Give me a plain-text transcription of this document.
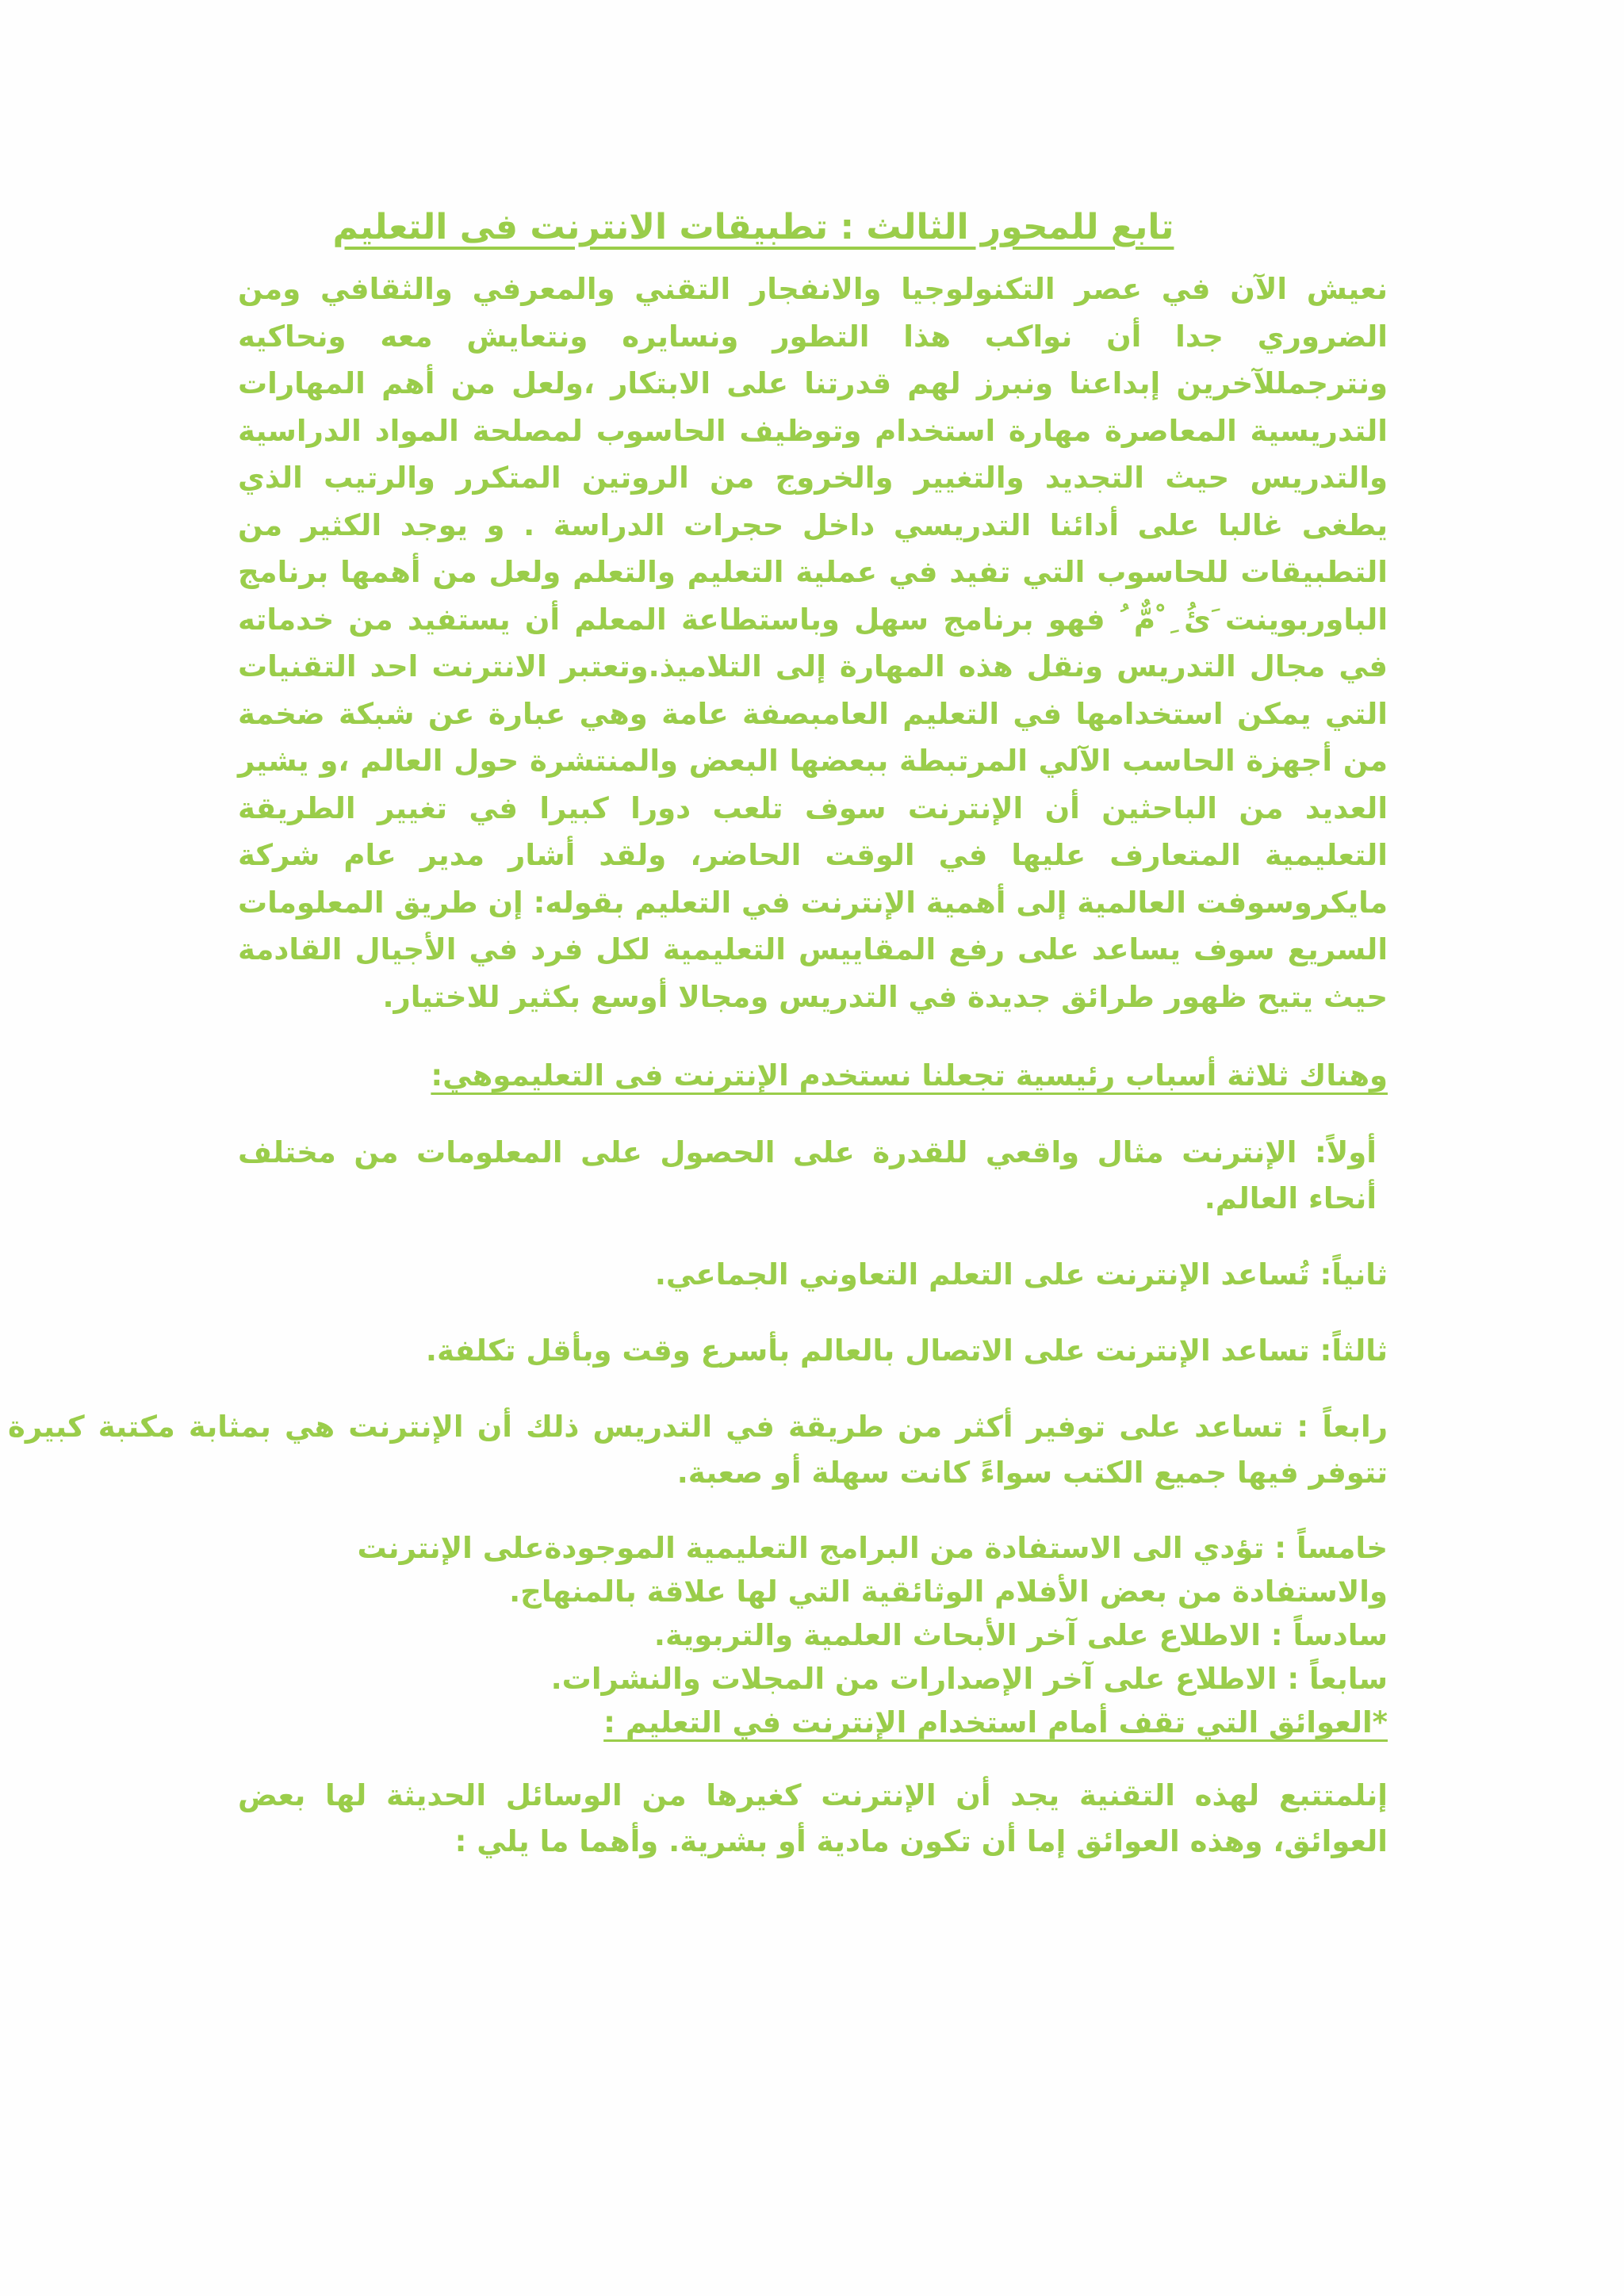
تابع للمحور الثالث : تطبيقات الانترنت فى التعليم

نعيش الآن في عصر التكنولوجيا والانفجار التقني والمعرفي والثقافي ومن الضروري جدا أن نواكب هذا التطور ونسايره ونتعايش معه ونحاكيه ونترجمللآخرين إبداعنا ونبرز لهم قدرتنا على الابتكار ،ولعل من أهم المهارات التدريسية المعاصرة مهارة استخدام وتوظيف الحاسوب لمصلحة المواد الدراسية والتدريس حيث التجديد والتغيير والخروج من الروتين المتكرر والرتيب الذي يطغى غالبا على أدائنا التدريسي داخل حجرات الدراسة . و يوجد الكثير من التطبيقات للحاسوب التي تفيد في عملية التعليم والتعلم ولعل من أهمها برنامج الباوربوينت َئُ ِ ْمٌّ ُ فهو برنامج سهل وباستطاعة المعلم أن يستفيد من خدماته في مجال التدريس ونقل هذه المهارة إلى التلاميذ.وتعتبر الانترنت احد التقنيات التي يمكن استخدامها في التعليم العامبصفة عامة وهي عبارة عن شبكة ضخمة من أجهزة الحاسب الآلي المرتبطة ببعضها البعض والمنتشرة حول العالم ،و يشير العديد من الباحثين أن الإنترنت سوف تلعب دورا كبيرا في تغيير الطريقة التعليمية المتعارف عليها في الوقت الحاضر، ولقد أشار مدير عام شركة مايكروسوفت العالمية إلى أهمية الإنترنت في التعليم بقوله: إن طريق المعلومات السريع سوف يساعد على رفع المقاييس التعليمية لكل فرد في الأجيال القادمة حيث يتيح ظهور طرائق جديدة في التدريس ومجالا أوسع بكثير للاختيار.

وهناك ثلاثة أسباب رئيسية تجعلنا نستخدم الإنترنت فى التعليموهي:

أولاً: الإنترنت مثال واقعي للقدرة على الحصول على المعلومات من مختلف أنحاء العالم.

ثانياً: تُساعد الإنترنت على التعلم التعاوني الجماعي.

ثالثاً: تساعد الإنترنت على الاتصال بالعالم بأسرع وقت وبأقل تكلفة.

رابعاً : تساعد على توفير أكثر من طريقة في التدريس ذلك أن الإنترنت هي بمثابة مكتبة كبيرة تتوفر فيها جميع الكتب سواءً كانت سهلة أو صعبة.

خامساً : تؤدي الى الاستفادة من البرامج التعليمية الموجودةعلى الإنترنت والاستفادة من بعض الأفلام الوثائقية التي لها علاقة بالمنهاج.

سادساً : الاطلاع على آخر الأبحاث العلمية والتربوية.

سابعاً : الاطلاع على آخر الإصدارات من المجلات والنشرات.

*العوائق التي تقف أمام استخدام الإنترنت في التعليم :

إنلمتتبع لهذه التقنية يجد أن الإنترنت كغيرها من الوسائل الحديثة لها بعض العوائق، وهذه العوائق إما أن تكون مادية أو بشرية. وأهما ما يلي :
